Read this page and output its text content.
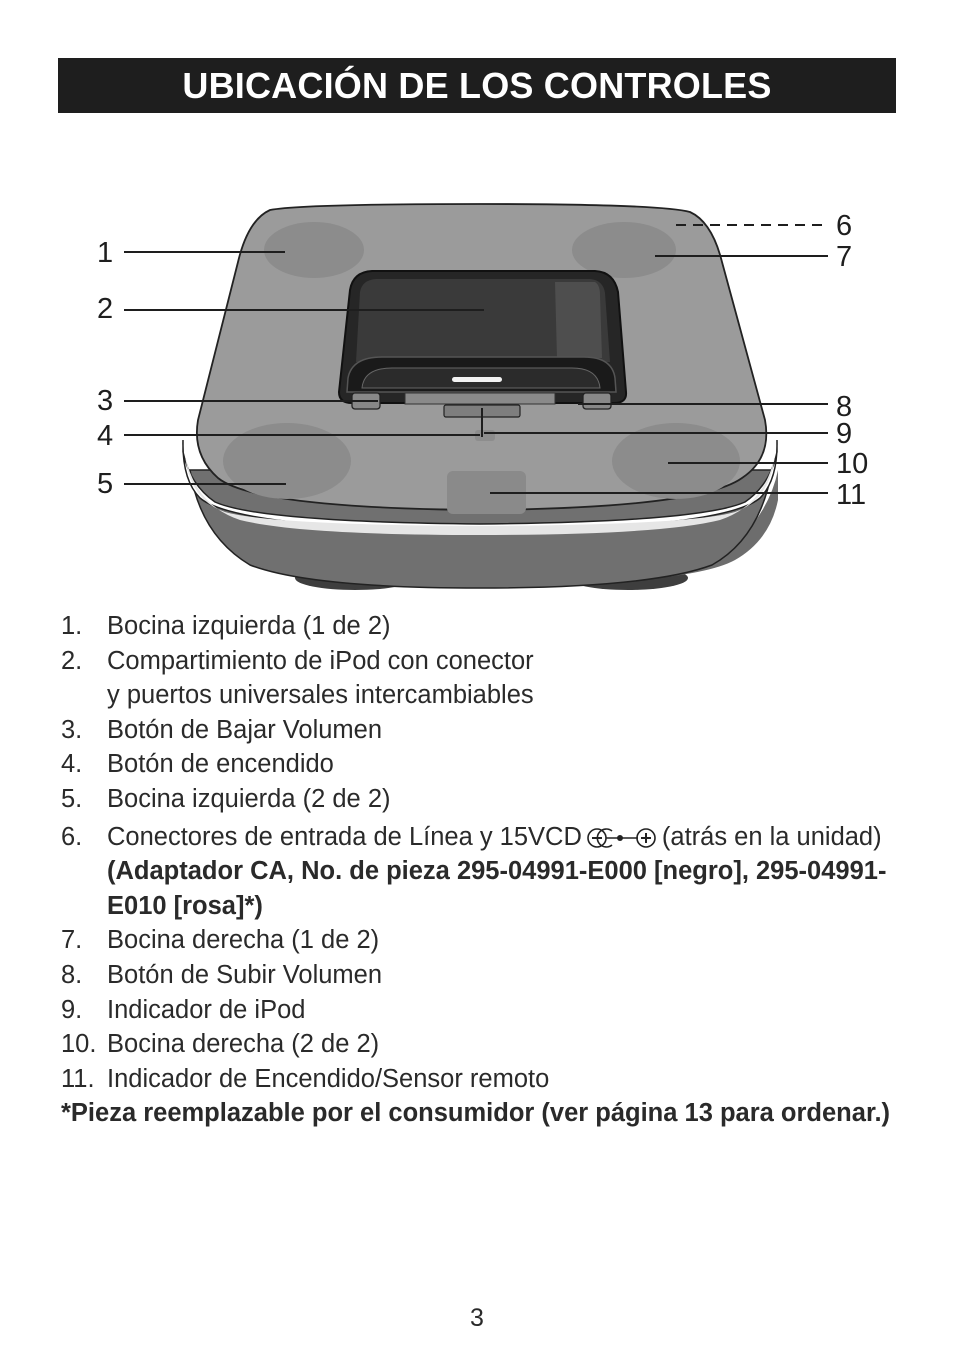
UBICACIÓN DE LOS CONTROLES
1
2
3
4
5
6
7
8
9
10
11
1. Bocina izquierda (1 de 2)
2. Compartimiento de iPod con conector
y puertos universales intercambiables
3. Botón de Bajar Volumen
4. Botón de encendido
5. Bocina izquierda (2 de 2)
6. Conectores de entrada de Línea y 15VCD	(atrás en la unidad)
(Adaptador CA, No. de pieza 295-04991-E000 [negro], 295-04991-E010 [rosa]*)
7. Bocina derecha (1 de 2)
8. Botón de Subir Volumen
9. Indicador de iPod
10. Bocina derecha (2 de 2)
11. Indicador de Encendido/Sensor remoto
*Pieza reemplazable por el consumidor (ver página 13 para ordenar.)
3
